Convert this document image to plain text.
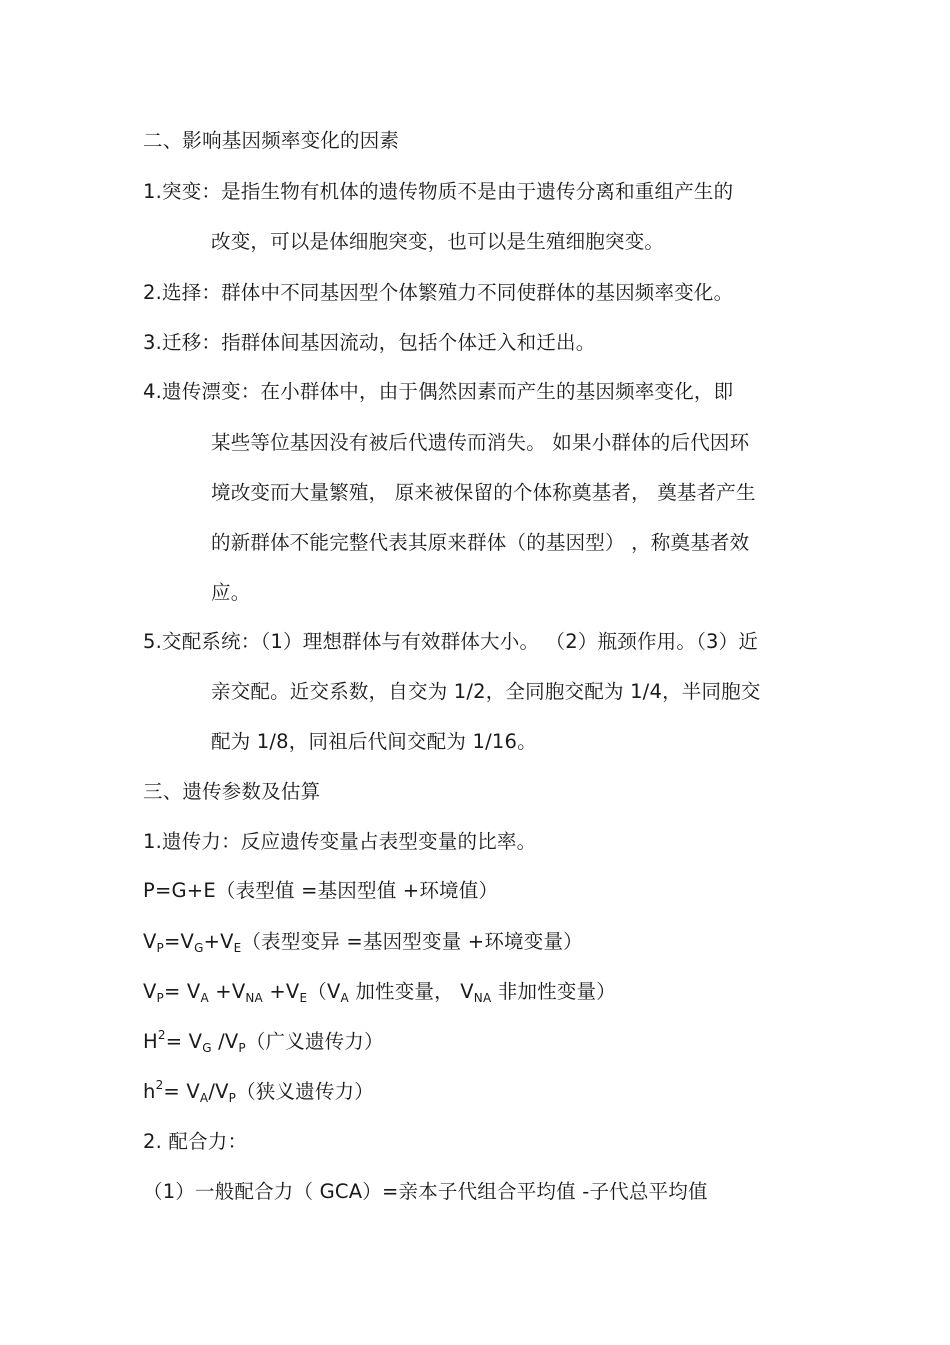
二、影响基因频率变化的因素
1.突变：是指生物有机体的遗传物质不是由于遗传分离和重组产生的
改变，可以是体细胞突变，也可以是生殖细胞突变。
2.选择：群体中不同基因型个体繁殖力不同使群体的基因频率变化。
3.迁移：指群体间基因流动，包括个体迁入和迁出。
4.遗传漂变：在小群体中，由于偶然因素而产生的基因频率变化，即
某些等位基因没有被后代遗传而消失。 如果小群体的后代因环
境改变而大量繁殖， 原来被保留的个体称奠基者， 奠基者产生
的新群体不能完整代表其原来群体（的基因型） ，称奠基者效
应。
5.交配系统：（1）理想群体与有效群体大小。 （2）瓶颈作用。（3）近
亲交配。近交系数，自交为 1/2，全同胞交配为 1/4，半同胞交
配为 1/8，同祖后代间交配为 1/16。
三、遗传参数及估算
1.遗传力：反应遗传变量占表型变量的比率。
P=G+E（表型值 =基因型值 +环境值）
$V_P=V_G+V_E$（表型变异 =基因型变量 +环境变量）
$V_P= V_A +V_{NA} +V_E(V_A$ 加性变量， $V_{NA}$ 非加性变量）
$H^2= V_G$ $/V_P$（广义遗传力）
$h^2= V_A/V_P$（狭义遗传力）
2. 配合力：
（1）一般配合力（ GCA）=亲本子代组合平均值 -子代总平均值
